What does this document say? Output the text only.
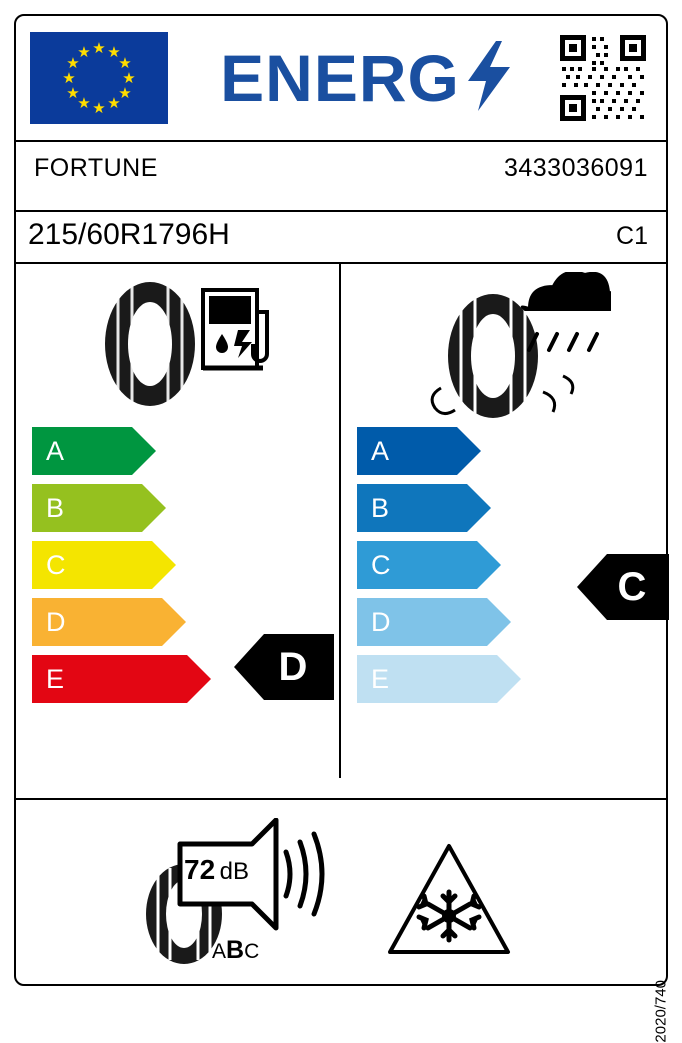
★ ★
★
★
★
★
★
★
★
★
★
★ ENERG
FORTUNE	3433036091
215/60R1796H	C1
A
B
C
D
E	D
A
B
C
D
E
C
72 dB
ABC
2020/740
